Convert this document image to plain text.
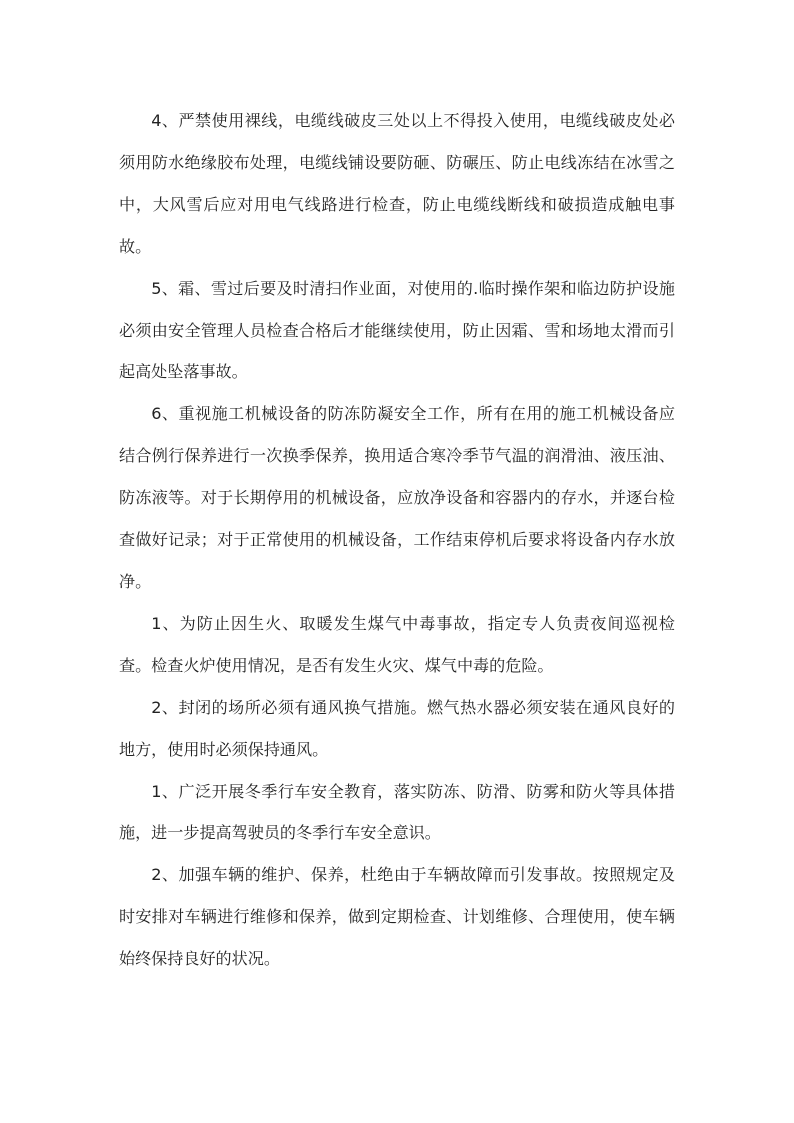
4、严禁使用裸线，电缆线破皮三处以上不得投入使用，电缆线破皮处必须用防水绝缘胶布处理，电缆线铺设要防砸、防碾压、防止电线冻结在冰雪之中，大风雪后应对用电气线路进行检查，防止电缆线断线和破损造成触电事故。

5、霜、雪过后要及时清扫作业面，对使用的.临时操作架和临边防护设施必须由安全管理人员检查合格后才能继续使用，防止因霜、雪和场地太滑而引起高处坠落事故。

6、重视施工机械设备的防冻防凝安全工作，所有在用的施工机械设备应结合例行保养进行一次换季保养，换用适合寒冷季节气温的润滑油、液压油、防冻液等。对于长期停用的机械设备，应放净设备和容器内的存水，并逐台检查做好记录；对于正常使用的机械设备，工作结束停机后要求将设备内存水放净。

1、为防止因生火、取暖发生煤气中毒事故，指定专人负责夜间巡视检查。检查火炉使用情况，是否有发生火灾、煤气中毒的危险。

2、封闭的场所必须有通风换气措施。燃气热水器必须安装在通风良好的地方，使用时必须保持通风。

1、广泛开展冬季行车安全教育，落实防冻、防滑、防雾和防火等具体措施，进一步提高驾驶员的冬季行车安全意识。

2、加强车辆的维护、保养，杜绝由于车辆故障而引发事故。按照规定及时安排对车辆进行维修和保养，做到定期检查、计划维修、合理使用，使车辆始终保持良好的状况。
